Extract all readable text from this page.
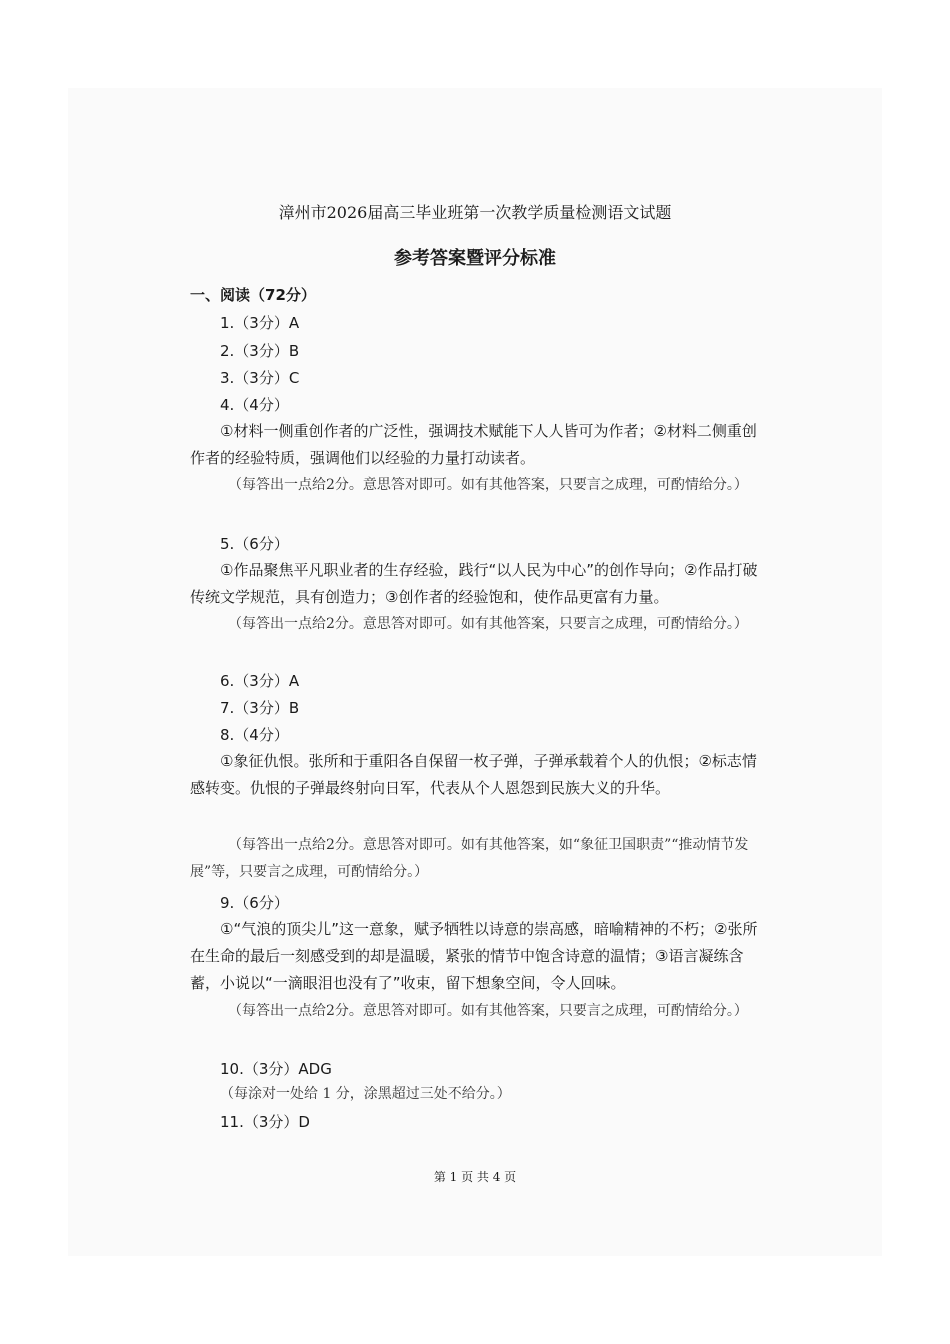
漳州市2026届高三毕业班第一次教学质量检测语文试题
参考答案暨评分标准
一、阅读（72分）
1.（3分）A
2.（3分）B
3.（3分）C
4.（4分）
①材料一侧重创作者的广泛性，强调技术赋能下人人皆可为作者；②材料二侧重创作者的经验特质，强调他们以经验的力量打动读者。
（每答出一点给2分。意思答对即可。如有其他答案，只要言之成理，可酌情给分。）
5.（6分）
①作品聚焦平凡职业者的生存经验，践行“以人民为中心”的创作导向；②作品打破传统文学规范，具有创造力；③创作者的经验饱和，使作品更富有力量。
（每答出一点给2分。意思答对即可。如有其他答案，只要言之成理，可酌情给分。）
6.（3分）A
7.（3分）B
8.（4分）
①象征仇恨。张所和于重阳各自保留一枚子弹，子弹承载着个人的仇恨；②标志情感转变。仇恨的子弹最终射向日军，代表从个人恩怨到民族大义的升华。
（每答出一点给2分。意思答对即可。如有其他答案，如“象征卫国职责”“推动情节发展”等，只要言之成理，可酌情给分。）
9.（6分）
①“气浪的顶尖儿”这一意象，赋予牺牲以诗意的崇高感，暗喻精神的不朽；②张所在生命的最后一刻感受到的却是温暖，紧张的情节中饱含诗意的温情；③语言凝练含蓄，小说以“一滴眼泪也没有了”收束，留下想象空间，令人回味。
（每答出一点给2分。意思答对即可。如有其他答案，只要言之成理，可酌情给分。）
10.（3分）ADG
（每涂对一处给 1 分，涂黑超过三处不给分。）
11.（3分）D
第 1 页 共 4 页
